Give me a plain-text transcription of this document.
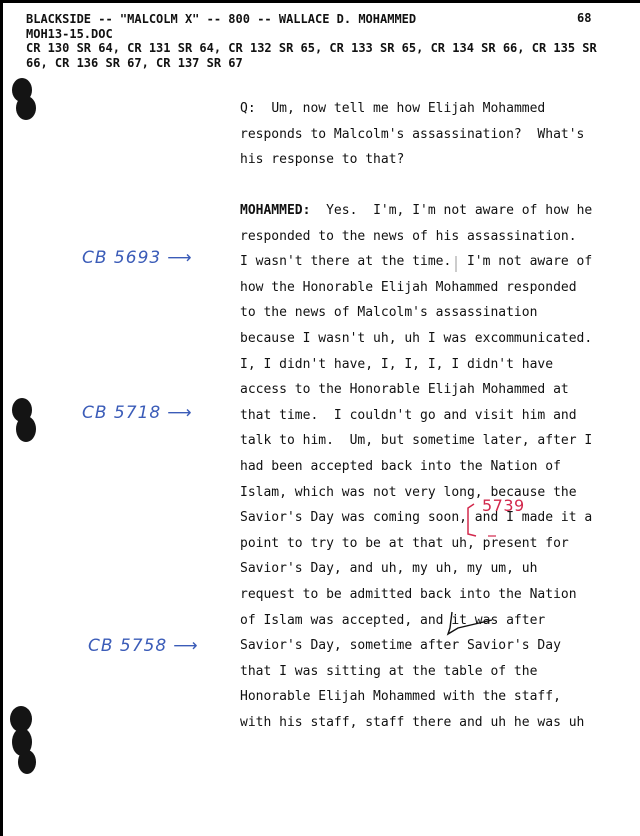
BLACKSIDE -- "MALCOLM X" -- 800 -- WALLACE D. MOHAMMED
MOH13-15.DOC
CR 130 SR 64, CR 131 SR 64, CR 132 SR 65, CR 133 SR 65, CR 134 SR 66, CR 135 SR
66, CR 136 SR 67, CR 137 SR 67
68
Q: Um, now tell me how Elijah Mohammed
responds to Malcolm's assassination?  What's
his response to that?
MOHAMMED: Yes.  I'm, I'm not aware of how he
responded to the news of his assassination.
I wasn't there at the time.  I'm not aware of
how the Honorable Elijah Mohammed responded
to the news of Malcolm's assassination
because I wasn't uh, uh I was excommunicated.
I, I didn't have, I, I, I, I didn't have
access to the Honorable Elijah Mohammed at
that time.  I couldn't go and visit him and
talk to him.  Um, but sometime later, after I
had been accepted back into the Nation of
Islam, which was not very long, because the
Savior's Day was coming soon, and I made it a
point to try to be at that uh, present for
Savior's Day, and uh, my uh, my um, uh
request to be admitted back into the Nation
of Islam was accepted, and it was after
Savior's Day, sometime after Savior's Day
that I was sitting at the table of the
Honorable Elijah Mohammed with the staff,
with his staff, staff there and uh he was uh
CB 5693 ⟶
CB 5718 ⟶
CB 5758 ⟶
5739
